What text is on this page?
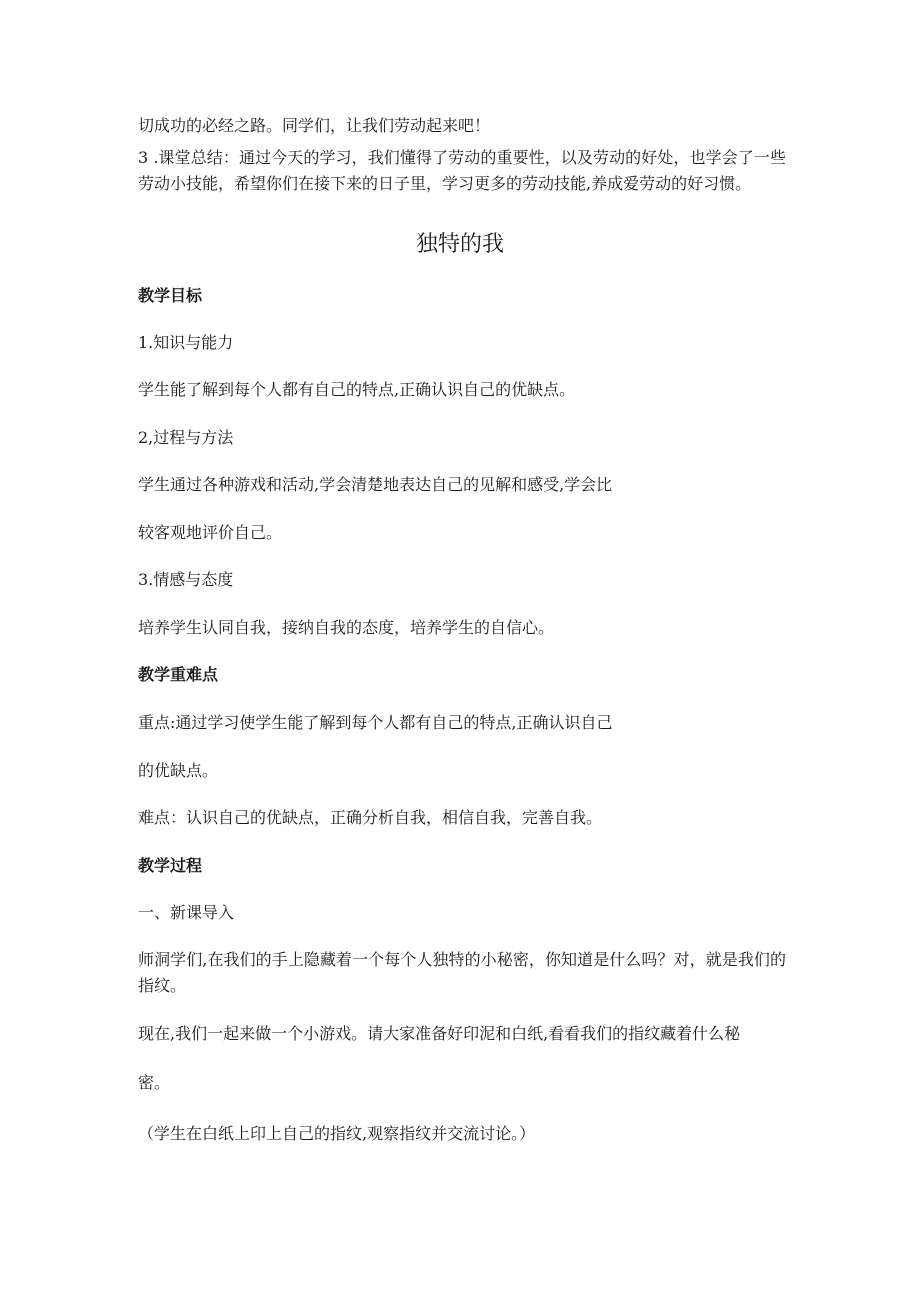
切成功的必经之路。同学们，让我们劳动起来吧！
3 .课堂总结：通过今天的学习，我们懂得了劳动的重要性，以及劳动的好处，也学会了一些劳动小技能，希望你们在接下来的日子里，学习更多的劳动技能,养成爱劳动的好习惯。
独特的我
教学目标
1.知识与能力
学生能了解到每个人都有自己的特点,正确认识自己的优缺点。
2,过程与方法
学生通过各种游戏和活动,学会清楚地表达自己的见解和感受,学会比
较客观地评价自己。
3.情感与态度
培养学生认同自我，接纳自我的态度，培养学生的自信心。
教学重难点
重点:通过学习使学生能了解到每个人都有自己的特点,正确认识自己
的优缺点。
难点：认识自己的优缺点，正确分析自我，相信自我，完善自我。
教学过程
一、新课导入
师洞学们,在我们的手上隐藏着一个每个人独特的小秘密，你知道是什么吗？对，就是我们的指纹。
现在,我们一起来做一个小游戏。请大家准备好印泥和白纸,看看我们的指纹藏着什么秘
密。
（学生在白纸上印上自己的指纹,观察指纹并交流讨论。）
